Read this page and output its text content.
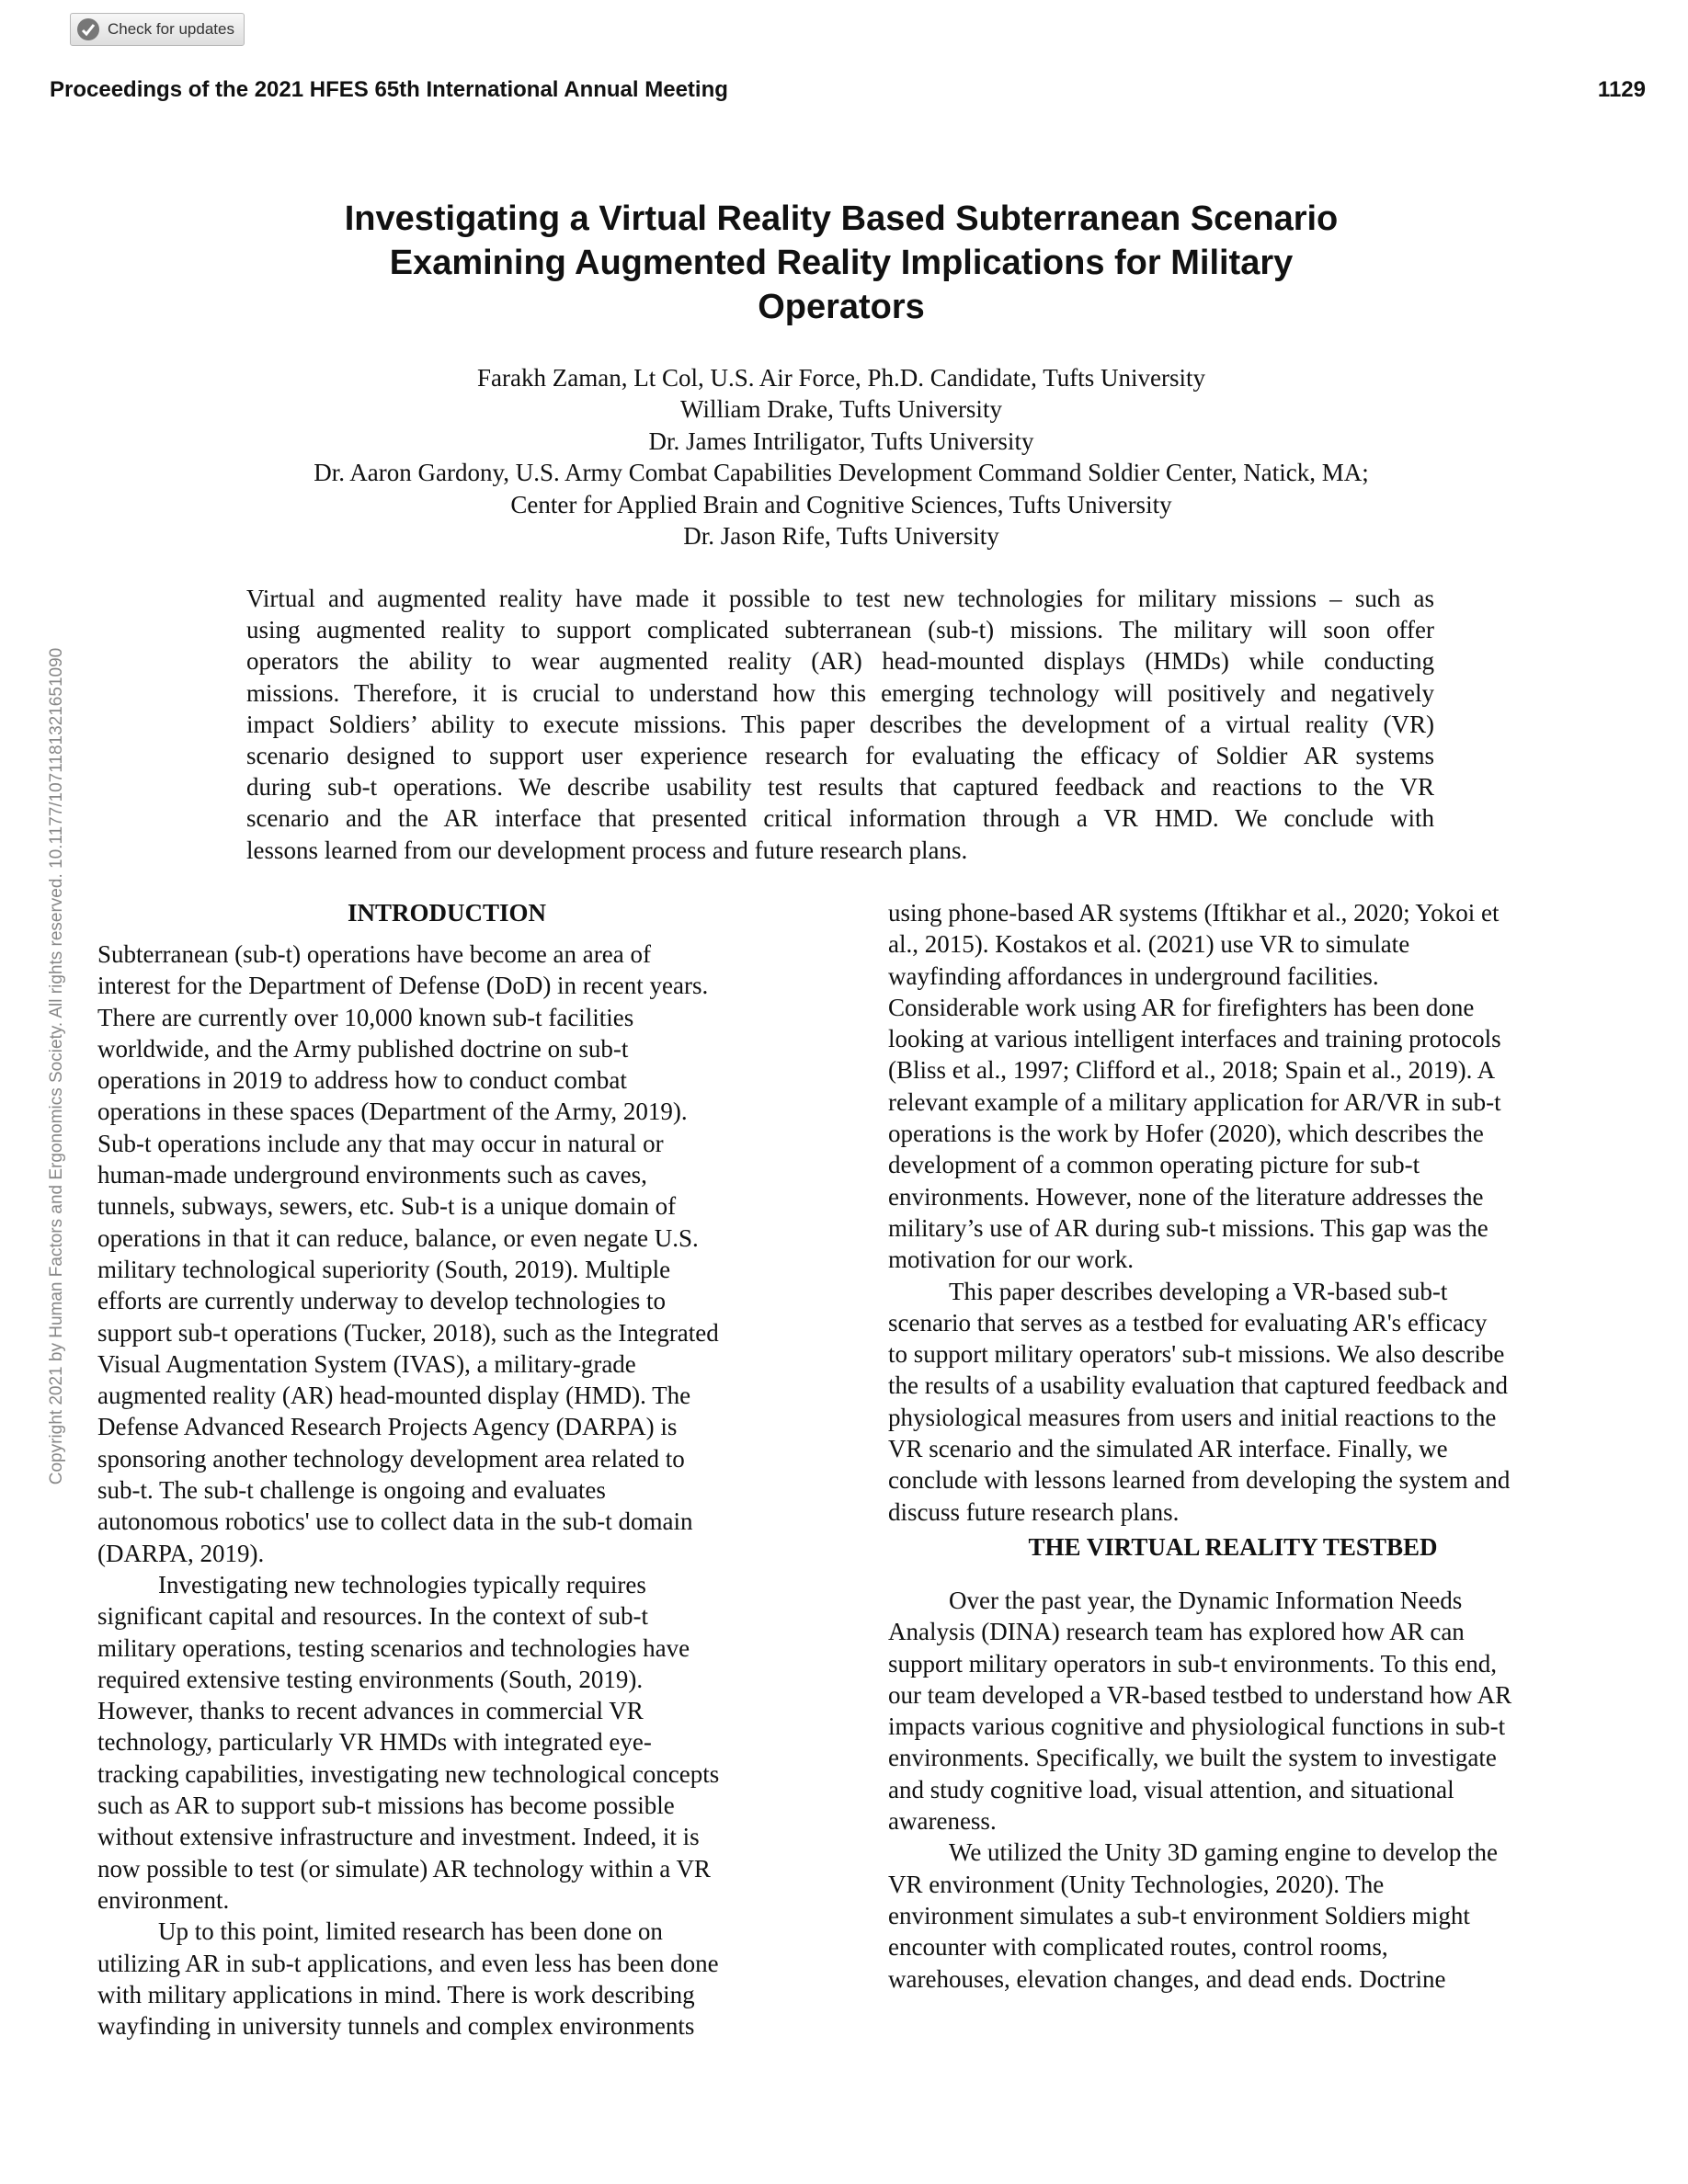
Check for updates
Proceedings of the 2021 HFES 65th International Annual Meeting	1129
Investigating a Virtual Reality Based Subterranean Scenario
Examining Augmented Reality Implications for Military
Operators
Farakh Zaman, Lt Col, U.S. Air Force, Ph.D. Candidate, Tufts University
William Drake, Tufts University
Dr. James Intriligator, Tufts University
Dr. Aaron Gardony, U.S. Army Combat Capabilities Development Command Soldier Center, Natick, MA;
Center for Applied Brain and Cognitive Sciences, Tufts University
Dr. Jason Rife, Tufts University
Virtual and augmented reality have made it possible to test new technologies for military missions – such as
using augmented reality to support complicated subterranean (sub-t) missions. The military will soon offer
operators the ability to wear augmented reality (AR) head-mounted displays (HMDs) while conducting
missions. Therefore, it is crucial to understand how this emerging technology will positively and negatively
impact Soldiers’ ability to execute missions. This paper describes the development of a virtual reality (VR)
scenario designed to support user experience research for evaluating the efficacy of Soldier AR systems
during sub-t operations. We describe usability test results that captured feedback and reactions to the VR
scenario and the AR interface that presented critical information through a VR HMD. We conclude with
lessons learned from our development process and future research plans.
Copyright 2021 by Human Factors and Ergonomics Society. All rights reserved. 10.1177/1071181321651090	INTRODUCTION
Subterranean (sub-t) operations have become an area of
interest for the Department of Defense (DoD) in recent years.
There are currently over 10,000 known sub-t facilities
worldwide, and the Army published doctrine on sub-t
operations in 2019 to address how to conduct combat
operations in these spaces (Department of the Army, 2019).
Sub-t operations include any that may occur in natural or
human-made underground environments such as caves,
tunnels, subways, sewers, etc. Sub-t is a unique domain of
operations in that it can reduce, balance, or even negate U.S.
military technological superiority (South, 2019). Multiple
efforts are currently underway to develop technologies to
support sub-t operations (Tucker, 2018), such as the Integrated
Visual Augmentation System (IVAS), a military-grade
augmented reality (AR) head-mounted display (HMD). The
Defense Advanced Research Projects Agency (DARPA) is
sponsoring another technology development area related to
sub-t. The sub-t challenge is ongoing and evaluates
autonomous robotics' use to collect data in the sub-t domain
(DARPA, 2019).
Investigating new technologies typically requires
significant capital and resources. In the context of sub-t
military operations, testing scenarios and technologies have
required extensive testing environments (South, 2019).
However, thanks to recent advances in commercial VR
technology, particularly VR HMDs with integrated eye-
tracking capabilities, investigating new technological concepts
such as AR to support sub-t missions has become possible
without extensive infrastructure and investment. Indeed, it is
now possible to test (or simulate) AR technology within a VR
environment.
Up to this point, limited research has been done on
utilizing AR in sub-t applications, and even less has been done
with military applications in mind. There is work describing
wayfinding in university tunnels and complex environments
using phone-based AR systems (Iftikhar et al., 2020; Yokoi et
al., 2015). Kostakos et al. (2021) use VR to simulate
wayfinding affordances in underground facilities.
Considerable work using AR for firefighters has been done
looking at various intelligent interfaces and training protocols
(Bliss et al., 1997; Clifford et al., 2018; Spain et al., 2019). A
relevant example of a military application for AR/VR in sub-t
operations is the work by Hofer (2020), which describes the
development of a common operating picture for sub-t
environments. However, none of the literature addresses the
military’s use of AR during sub-t missions. This gap was the
motivation for our work.
This paper describes developing a VR-based sub-t
scenario that serves as a testbed for evaluating AR's efficacy
to support military operators' sub-t missions. We also describe
the results of a usability evaluation that captured feedback and
physiological measures from users and initial reactions to the
VR scenario and the simulated AR interface. Finally, we
conclude with lessons learned from developing the system and
discuss future research plans.
THE VIRTUAL REALITY TESTBED
Over the past year, the Dynamic Information Needs
Analysis (DINA) research team has explored how AR can
support military operators in sub-t environments. To this end,
our team developed a VR-based testbed to understand how AR
impacts various cognitive and physiological functions in sub-t
environments. Specifically, we built the system to investigate
and study cognitive load, visual attention, and situational
awareness.
We utilized the Unity 3D gaming engine to develop the
VR environment (Unity Technologies, 2020). The
environment simulates a sub-t environment Soldiers might
encounter with complicated routes, control rooms,
warehouses, elevation changes, and dead ends. Doctrine
